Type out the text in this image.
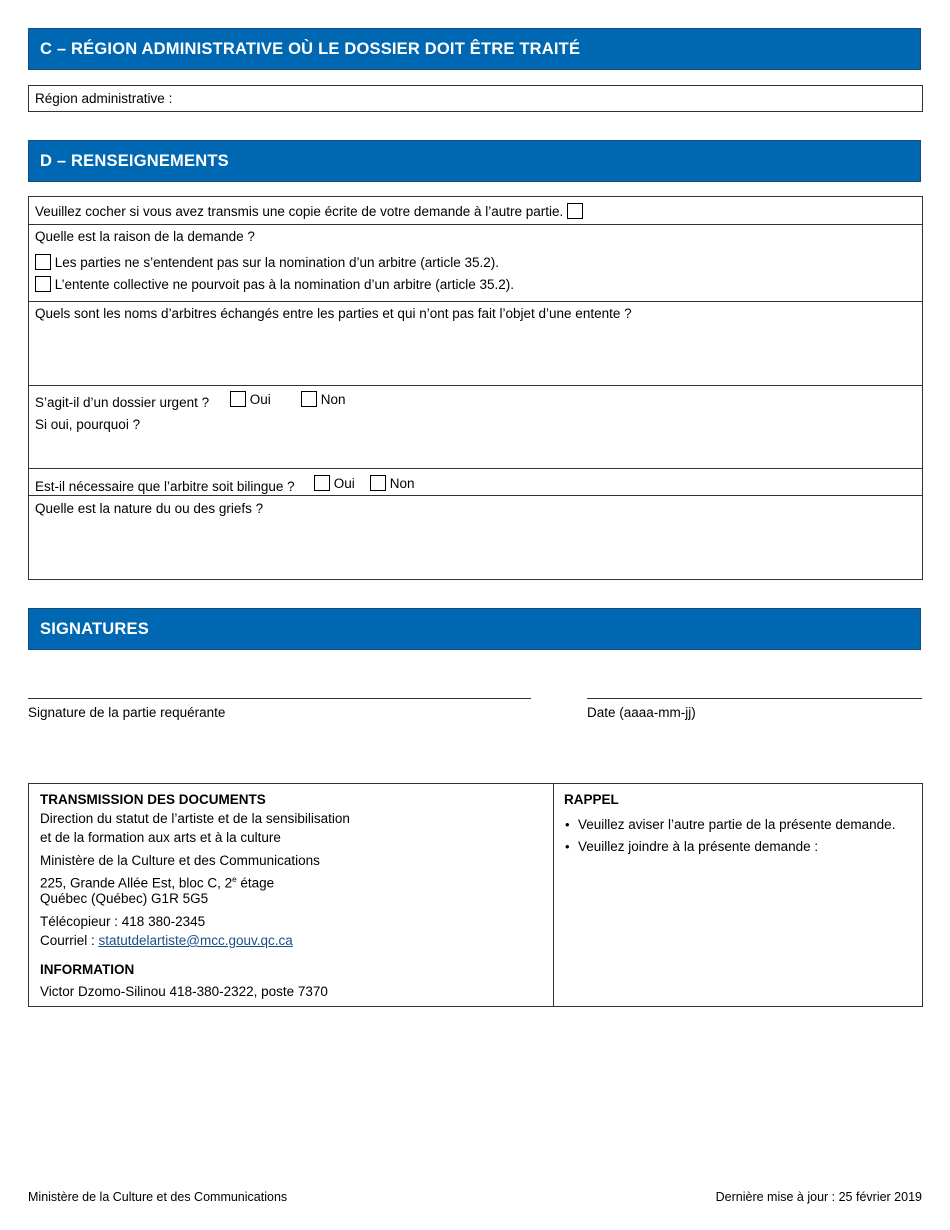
C – RÉGION ADMINISTRATIVE OÙ LE DOSSIER DOIT ÊTRE TRAITÉ
Région administrative :
D – RENSEIGNEMENTS
Veuillez cocher si vous avez transmis une copie écrite de votre demande à l’autre partie.
Quelle est la raison de la demande ?
Les parties ne s’entendent pas sur la nomination d’un arbitre (article 35.2).
L’entente collective ne pourvoit pas à la nomination d’un arbitre (article 35.2).
Quels sont les noms d’arbitres échangés entre les parties et qui n’ont pas fait l’objet d’une entente ?
S’agit-il d’un dossier urgent ?	Oui	Non
Si oui, pourquoi ?
Est-il nécessaire que l’arbitre soit bilingue ?	Oui	Non
Quelle est la nature du ou des griefs ?
SIGNATURES
Signature de la partie requérante	Date (aaaa-mm-jj)
TRANSMISSION DES DOCUMENTS
Direction du statut de l’artiste et de la sensibilisation
et de la formation aux arts et à la culture
Ministère de la Culture et des Communications
225, Grande Allée Est, bloc C, 2e étage
Québec (Québec) G1R 5G5
Télécopieur : 418 380-2345
Courriel : statutdelartiste@mcc.gouv.qc.ca
INFORMATION
Victor Dzomo-Silinou 418-380-2322, poste 7370
RAPPEL
• Veuillez aviser l’autre partie de la présente demande.
• Veuillez joindre à la présente demande :
Ministère de la Culture et des Communications	Dernière mise à jour : 25 février 2019
